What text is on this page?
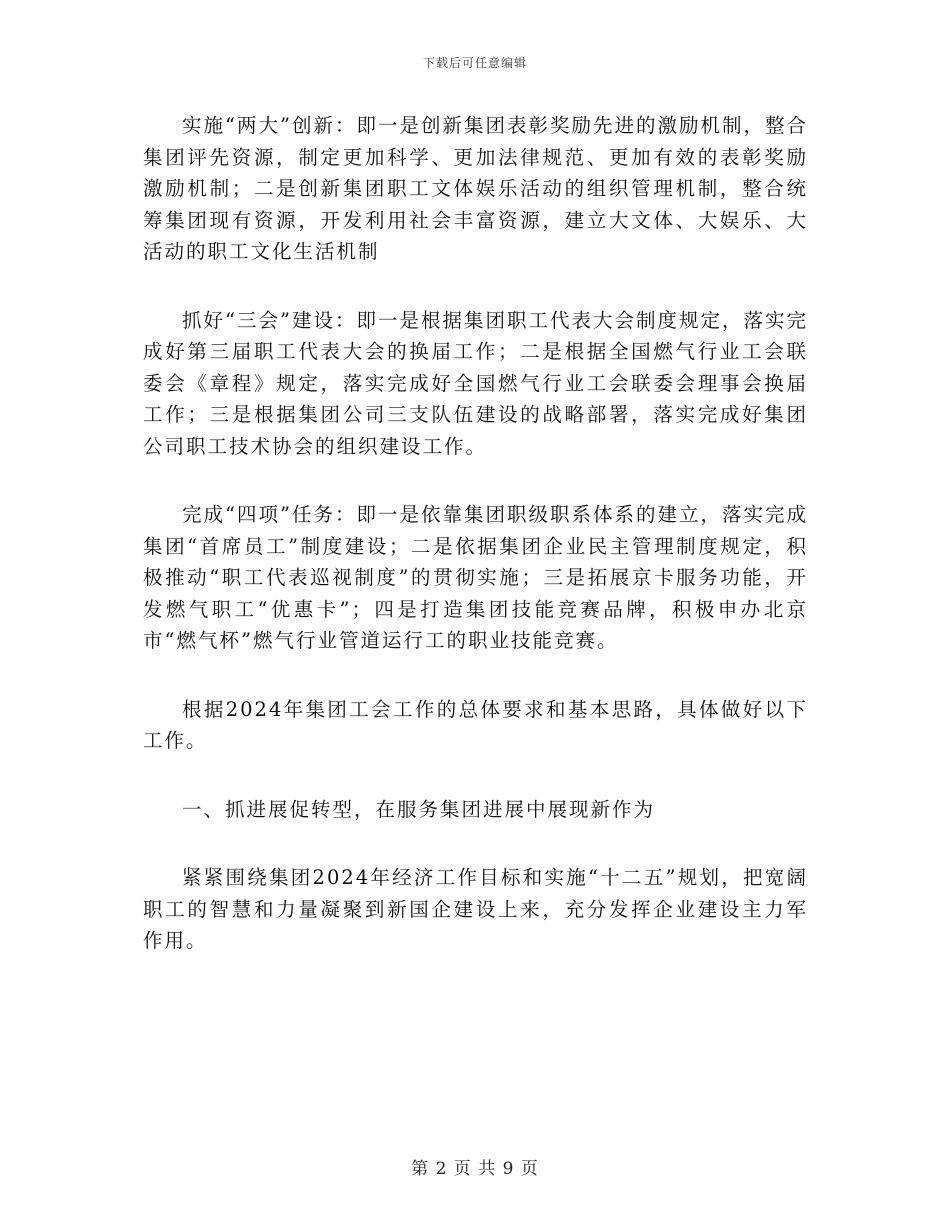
下载后可任意编辑

实施“两大”创新：即一是创新集团表彰奖励先进的激励机制，整合集团评先资源，制定更加科学、更加法律规范、更加有效的表彰奖励激励机制；二是创新集团职工文体娱乐活动的组织管理机制，整合统筹集团现有资源，开发利用社会丰富资源，建立大文体、大娱乐、大活动的职工文化生活机制

抓好“三会”建设：即一是根据集团职工代表大会制度规定，落实完成好第三届职工代表大会的换届工作；二是根据全国燃气行业工会联委会《章程》规定，落实完成好全国燃气行业工会联委会理事会换届工作；三是根据集团公司三支队伍建设的战略部署，落实完成好集团公司职工技术协会的组织建设工作。

完成“四项”任务：即一是依靠集团职级职系体系的建立，落实完成集团“首席员工”制度建设；二是依据集团企业民主管理制度规定，积极推动“职工代表巡视制度”的贯彻实施；三是拓展京卡服务功能，开发燃气职工“优惠卡”；四是打造集团技能竞赛品牌，积极申办北京市“燃气杯”燃气行业管道运行工的职业技能竞赛。

根据2024年集团工会工作的总体要求和基本思路，具体做好以下工作。

一、抓进展促转型，在服务集团进展中展现新作为

紧紧围绕集团2024年经济工作目标和实施“十二五”规划，把宽阔职工的智慧和力量凝聚到新国企建设上来，充分发挥企业建设主力军作用。

第 2 页 共 9 页
